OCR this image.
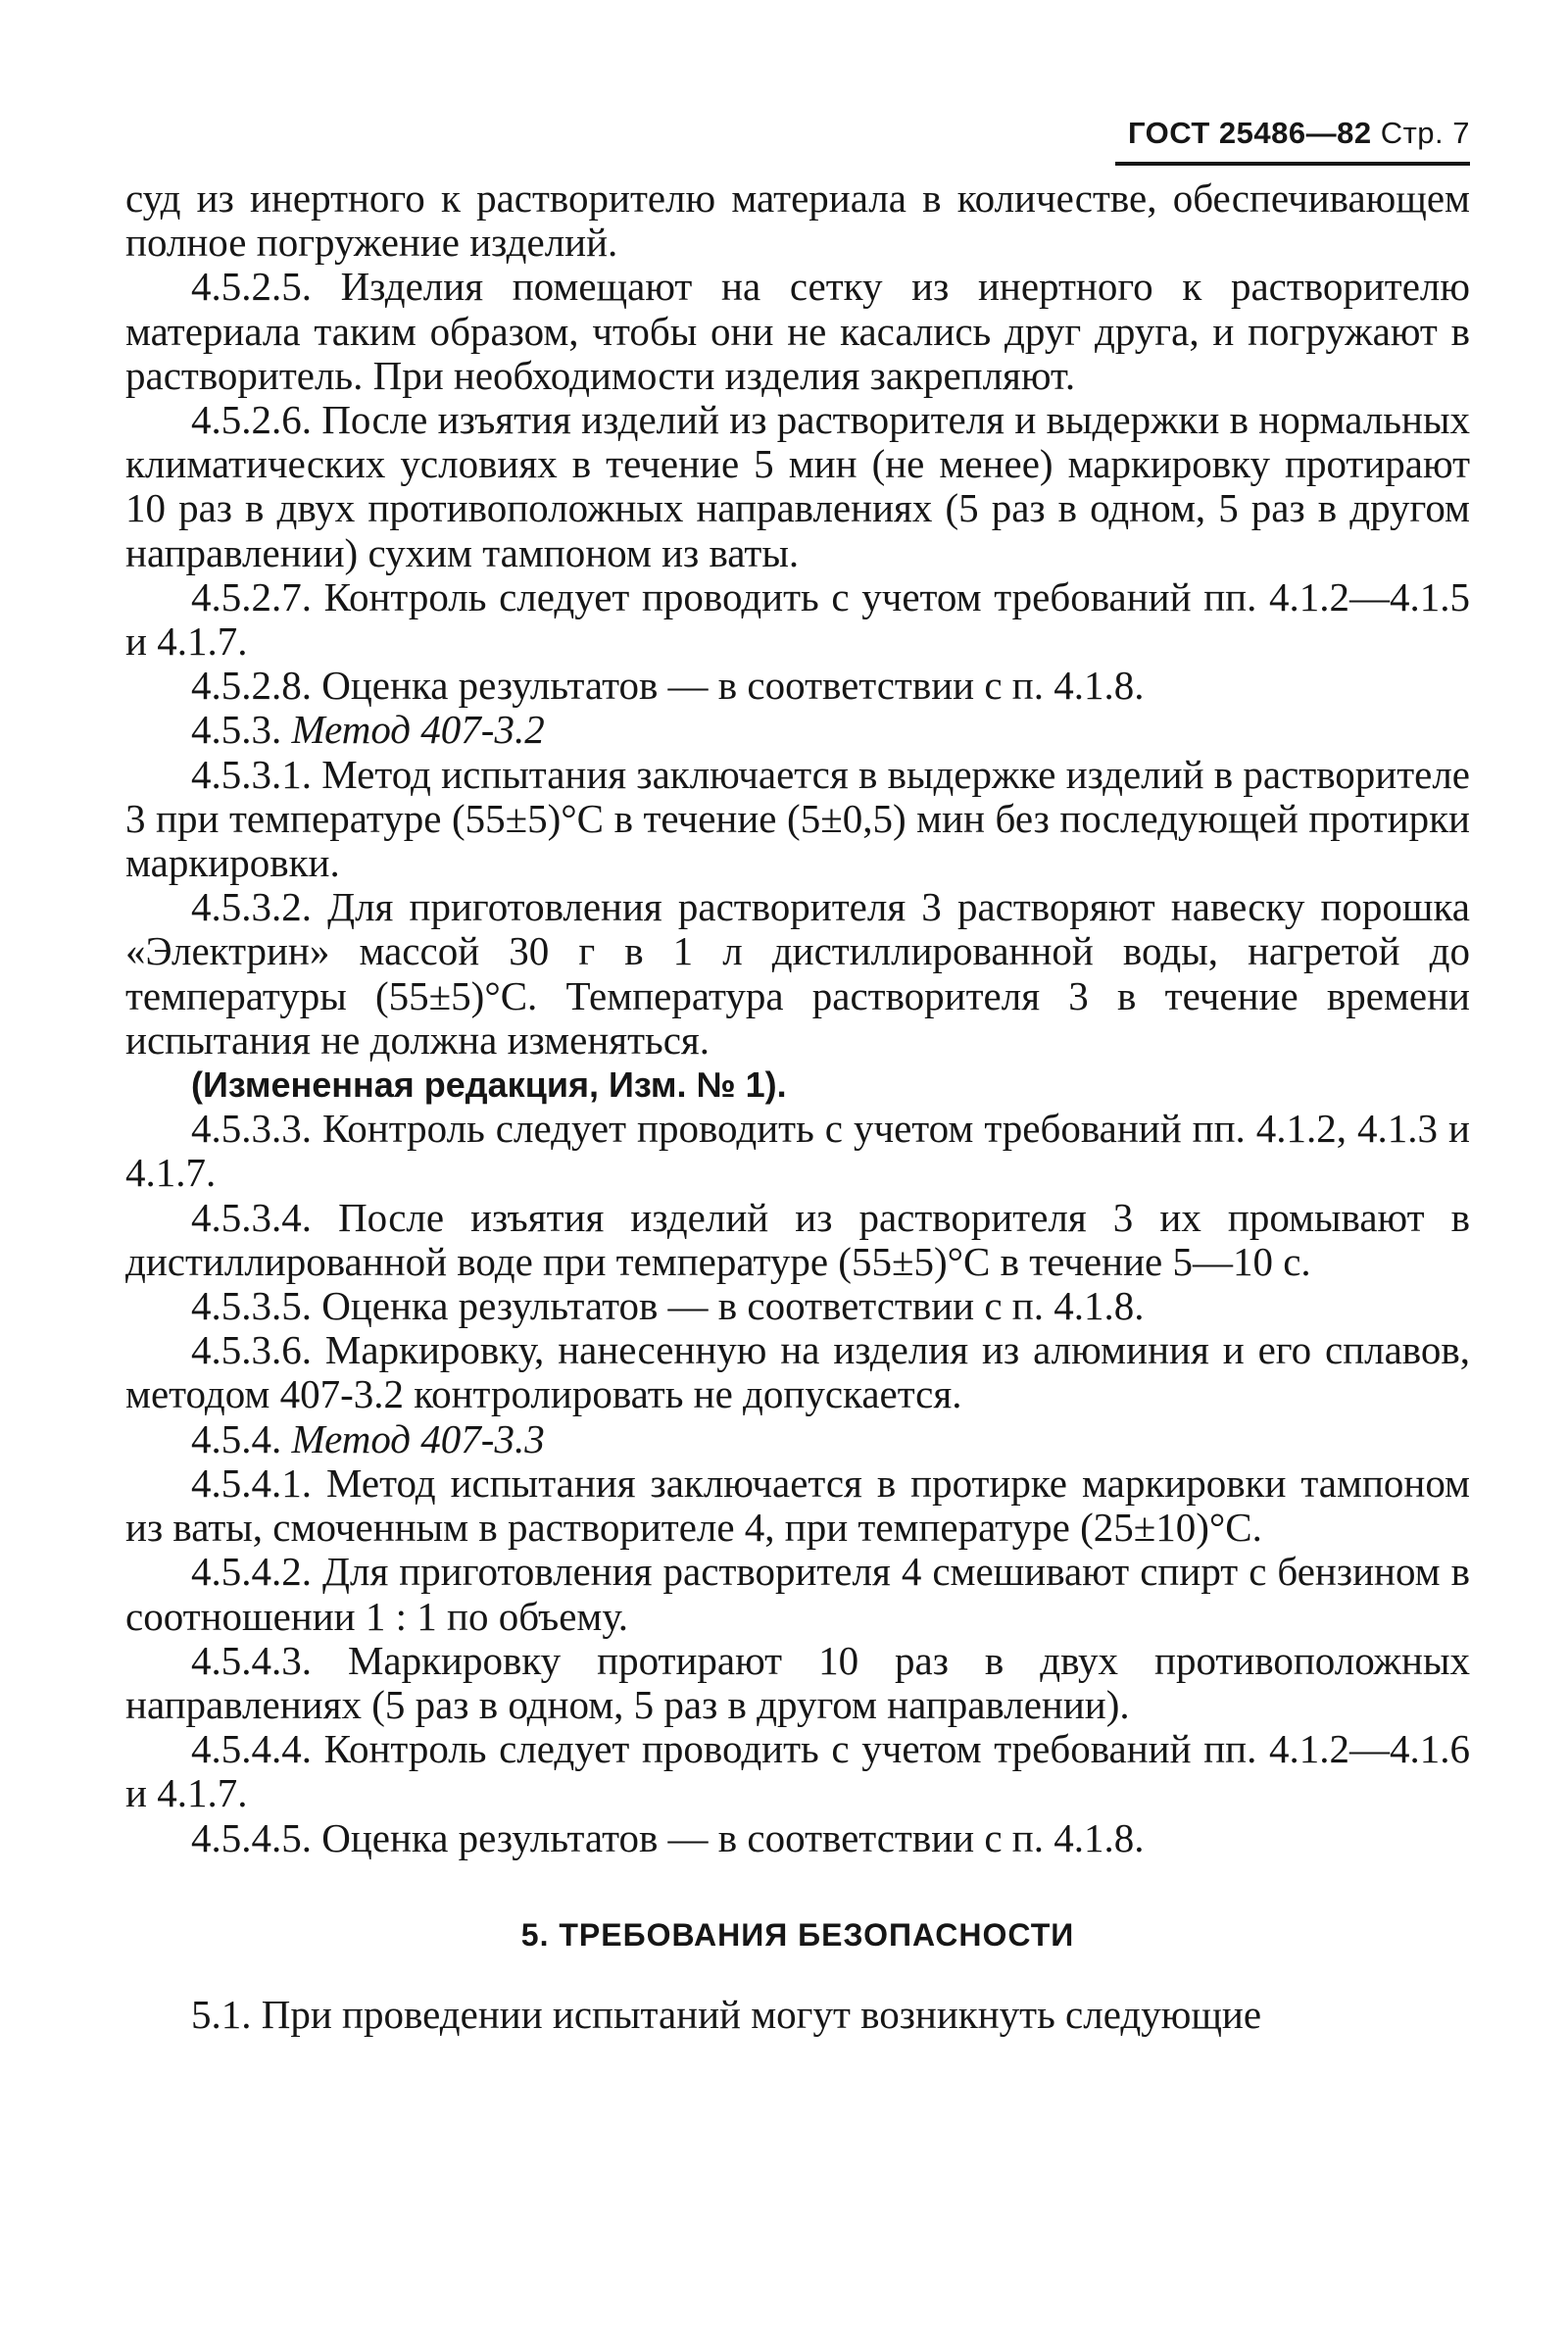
ГОСТ 25486—82 Стр. 7

суд из инертного к растворителю материала в количестве, обеспечивающем полное погружение изделий.

4.5.2.5. Изделия помещают на сетку из инертного к растворителю материала таким образом, чтобы они не касались друг друга, и погружают в растворитель. При необходимости изделия закрепляют.

4.5.2.6. После изъятия изделий из растворителя и выдержки в нормальных климатических условиях в течение 5 мин (не менее) маркировку протирают 10 раз в двух противоположных направлениях (5 раз в одном, 5 раз в другом направлении) сухим тампоном из ваты.

4.5.2.7. Контроль следует проводить с учетом требований пп. 4.1.2—4.1.5 и 4.1.7.

4.5.2.8. Оценка результатов — в соответствии с п. 4.1.8.

4.5.3. Метод 407-3.2

4.5.3.1. Метод испытания заключается в выдержке изделий в растворителе 3 при температуре (55±5)°С в течение (5±0,5) мин без последующей протирки маркировки.

4.5.3.2. Для приготовления растворителя 3 растворяют навеску порошка «Электрин» массой 30 г в 1 л дистиллированной воды, нагретой до температуры (55±5)°С. Температура растворителя 3 в течение времени испытания не должна изменяться.

(Измененная редакция, Изм. № 1).

4.5.3.3. Контроль следует проводить с учетом требований пп. 4.1.2, 4.1.3 и 4.1.7.

4.5.3.4. После изъятия изделий из растворителя 3 их промывают в дистиллированной воде при температуре (55±5)°С в течение 5—10 с.

4.5.3.5. Оценка результатов — в соответствии с п. 4.1.8.

4.5.3.6. Маркировку, нанесенную на изделия из алюминия и его сплавов, методом 407-3.2 контролировать не допускается.

4.5.4. Метод 407-3.3

4.5.4.1. Метод испытания заключается в протирке маркировки тампоном из ваты, смоченным в растворителе 4, при температуре (25±10)°С.

4.5.4.2. Для приготовления растворителя 4 смешивают спирт с бензином в соотношении 1 : 1 по объему.

4.5.4.3. Маркировку протирают 10 раз в двух противоположных направлениях (5 раз в одном, 5 раз в другом направлении).

4.5.4.4. Контроль следует проводить с учетом требований пп. 4.1.2—4.1.6 и 4.1.7.

4.5.4.5. Оценка результатов — в соответствии с п. 4.1.8.

5. ТРЕБОВАНИЯ БЕЗОПАСНОСТИ

5.1. При проведении испытаний могут возникнуть следующие
